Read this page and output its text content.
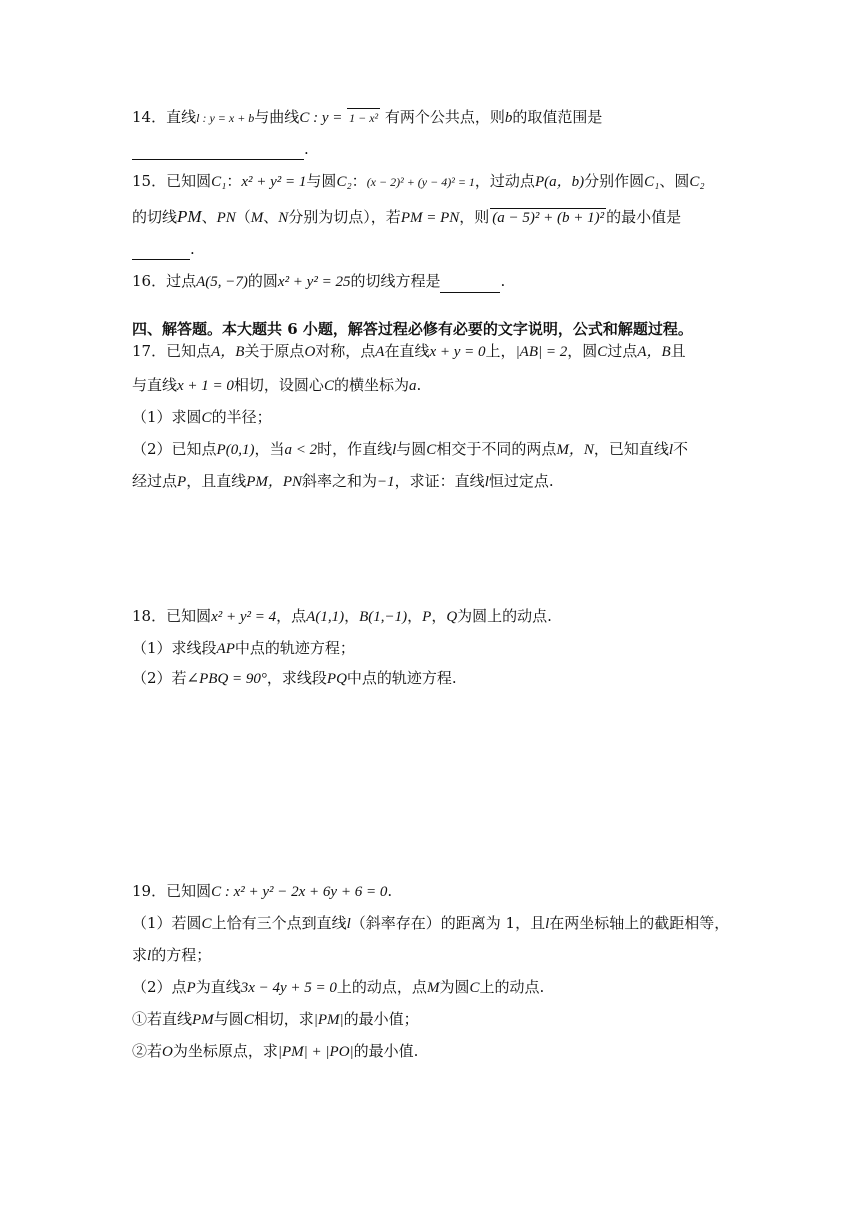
14．直线l : y = x + b与曲线C : y = 1 − x² 有两个公共点，则b的取值范围是
.
15．已知圆C₁：x² + y² = 1与圆C₂：(x − 2)² + (y − 4)² = 1，过动点P(a，b)分别作圆C₁、圆C₂
的切线PM、PN（M、N分别为切点），若PM = PN，则 (a − 5)² + (b + 1)² 的最小值是
.
16．过点A(5, −7)的圆x² + y² = 25的切线方程是	.
四、解答题。本大题共 6 小题，解答过程必修有必要的文字说明，公式和解题过程。
17．已知点A，B关于原点O对称，点A在直线x + y = 0上，|AB| = 2，圆C过点A，B且
与直线x + 1 = 0相切，设圆心C的横坐标为a.
（1）求圆C的半径；
（2）已知点P(0,1)，当a < 2时，作直线l与圆C相交于不同的两点M，N，已知直线l不
经过点P，且直线PM，PN斜率之和为−1，求证：直线l恒过定点.
18．已知圆x² + y² = 4，点A(1,1)，B(1,−1)，P，Q为圆上的动点.
（1）求线段AP中点的轨迹方程；
（2）若∠PBQ = 90°，求线段PQ中点的轨迹方程.
19．已知圆C : x² + y² − 2x + 6y + 6 = 0.
（1）若圆C上恰有三个点到直线l（斜率存在）的距离为 1，且l在两坐标轴上的截距相等，
求l的方程；
（2）点P为直线3x − 4y + 5 = 0上的动点，点M为圆C上的动点.
①若直线PM与圆C相切，求|PM|的最小值；
②若O为坐标原点，求|PM| + |PO|的最小值.
